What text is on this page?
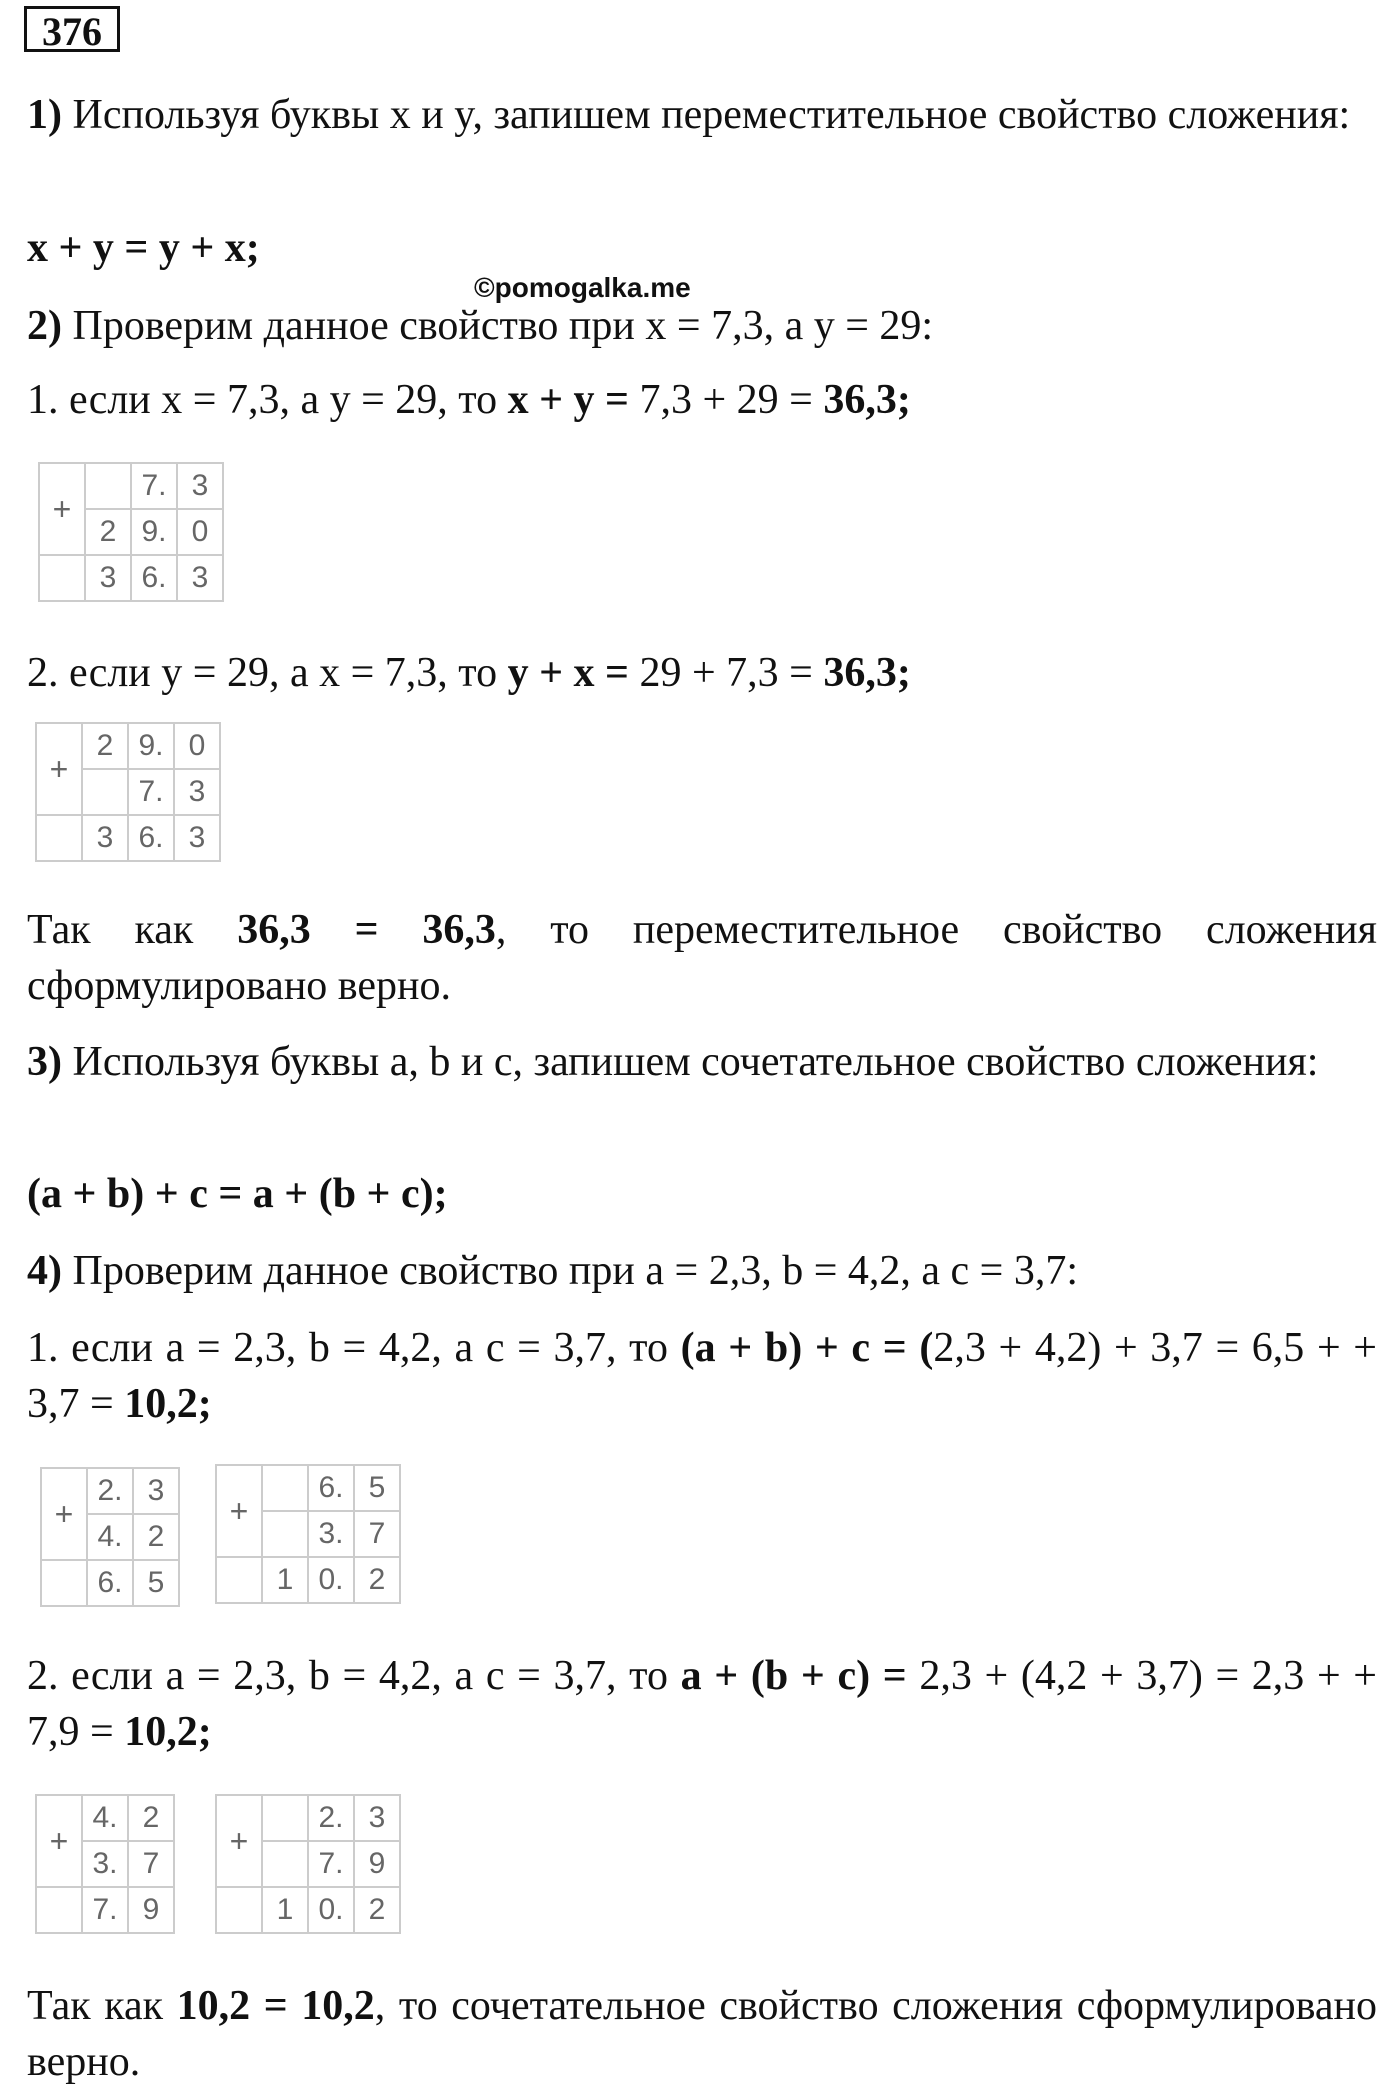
376
©pomogalka.me
1) Используя буквы x и y, запишем переместительное свойство сложения:
x + y = y + x;
2) Проверим данное свойство при x = 7,3, а y = 29:
1. если x = 7,3, а y = 29, то x + y = 7,3 + 29 = 36,3;
+		7.	3
	2	9.	0
	3	6.	3
2. если y = 29, а x = 7,3, то y + x = 29 + 7,3 = 36,3;
+	2	9.	0
		7.	3
	3	6.	3
Так как 36,3 = 36,3, то переместительное свойство сложения сформулировано верно.
3) Используя буквы a, b и c, запишем сочетательное свойство сложения:
(a + b) + c = a + (b + c);
4) Проверим данное свойство при a = 2,3, b = 4,2, а c = 3,7:
1. если a = 2,3, b = 4,2, а c = 3,7, то (a + b) + c = (2,3 + 4,2) + 3,7 = 6,5 + + 3,7 = 10,2;
+	2.	3
	4.	2
	6.	5
+		6.	5
		3.	7
	1	0.	2
2. если a = 2,3, b = 4,2, а c = 3,7, то a + (b + c) = 2,3 + (4,2 + 3,7) = 2,3 + + 7,9 = 10,2;
+	4.	2
	3.	7
	7.	9
+		2.	3
		7.	9
	1	0.	2
Так как 10,2 = 10,2, то сочетательное свойство сложения сформулировано верно.
